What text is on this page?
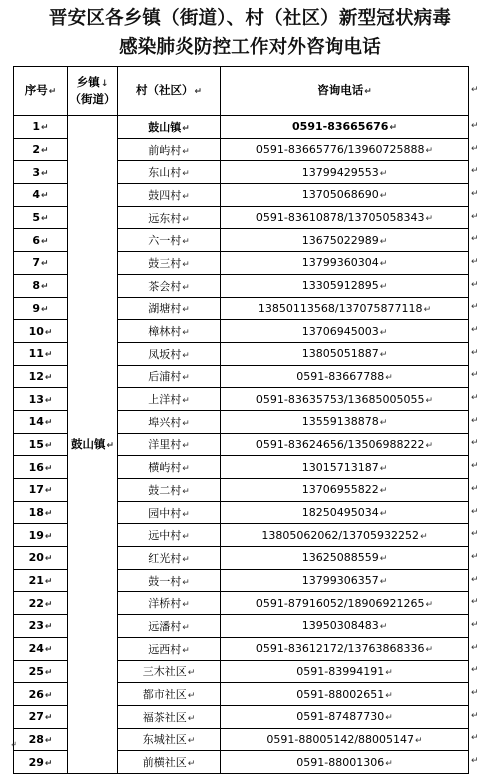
晋安区各乡镇（街道）、村（社区）新型冠状病毒
感染肺炎防控工作对外咨询电话
序号↵	乡镇↓
（街道）	村（社区）↵	咨询电话↵
1↵	鼓山镇↵	鼓山镇↵	0591-83665676↵
2↵		前屿村↵	0591-83665776/13960725888↵
3↵		东山村↵	13799429553↵
4↵		鼓四村↵	13705068690↵
5↵		远东村↵	0591-83610878/13705058343↵
6↵		六一村↵	13675022989↵
7↵		鼓三村↵	13799360304↵
8↵		茶会村↵	13305912895↵
9↵		湖塘村↵	13850113568/137075877118↵
10↵		樟林村↵	13706945003↵
11↵		凤坂村↵	13805051887↵
12↵		后浦村↵	0591-83667788↵
13↵		上洋村↵	0591-83635753/13685005055↵
14↵		埠兴村↵	13559138878↵
15↵		洋里村↵	0591-83624656/13506988222↵
16↵		横屿村↵	13015713187↵
17↵		鼓二村↵	13706955822↵
18↵		园中村↵	18250495034↵
19↵		远中村↵	13805062062/13705932252↵
20↵		红光村↵	13625088559↵
21↵		鼓一村↵	13799306357↵
22↵		洋桥村↵	0591-87916052/18906921265↵
23↵		远潘村↵	13950308483↵
24↵		远西村↵	0591-83612172/13763868336↵
25↵		三木社区↵	0591-83994191↵
26↵		都市社区↵	0591-88002651↵
27↵		福茶社区↵	0591-87487730↵
28↵		东城社区↵	0591-88005142/88005147↵
29↵		前横社区↵	0591-88001306↵
↵
↵
↵
↵
↵
↵
↵
↵
↵
↵
↵
↵
↵
↵
↵
↵
↵
↵
↵
↵
↵
↵
↵
↵
↵
↵
↵
↵
↵
↵
↵
